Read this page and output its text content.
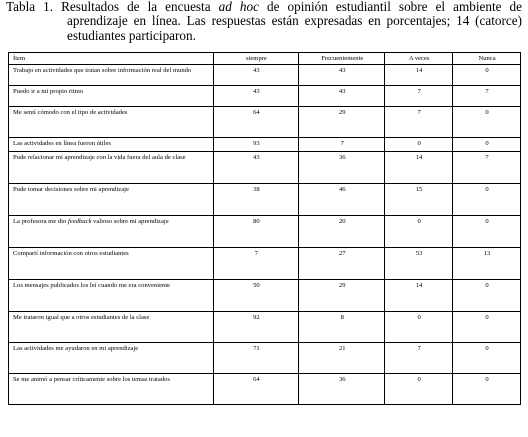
Tabla 1. Resultados de la encuesta ad hoc de opinión estudiantil sobre el ambiente de
aprendizaje en línea. Las respuestas están expresadas en porcentajes; 14 (catorce)
estudiantes participaron.
Ítem	siempre	Frecuentemente	A veces	Nunca
Trabajo en actividades que tratan sobre información real del mundo	43	43	14	0
Puedo ir a mi propio ritmo	43	43	7	7
Me sentí cómodo con el tipo de actividades	64	29	7	0
Las actividades en línea fueron útiles	93	7	0	0
Pude relacionar mi aprendizaje con la vida fuera del aula de clase	43	36	14	7
Pude tomar decisiones sobre mi aprendizaje	38	46	15	0
La profesora me dio feedback valioso sobre mi aprendizaje	80	20	0	0
Compartí información con otros estudiantes	7	27	53	13
Los mensajes publicados los leí cuando me era conveniente	50	29	14	0
Me trataron igual que a otros estudiantes de la clase	92	8	0	0
Las actividades me ayudaron en mi aprendizaje	71	21	7	0
Se me animó a pensar críticamente sobre los temas tratados	64	36	0	0
